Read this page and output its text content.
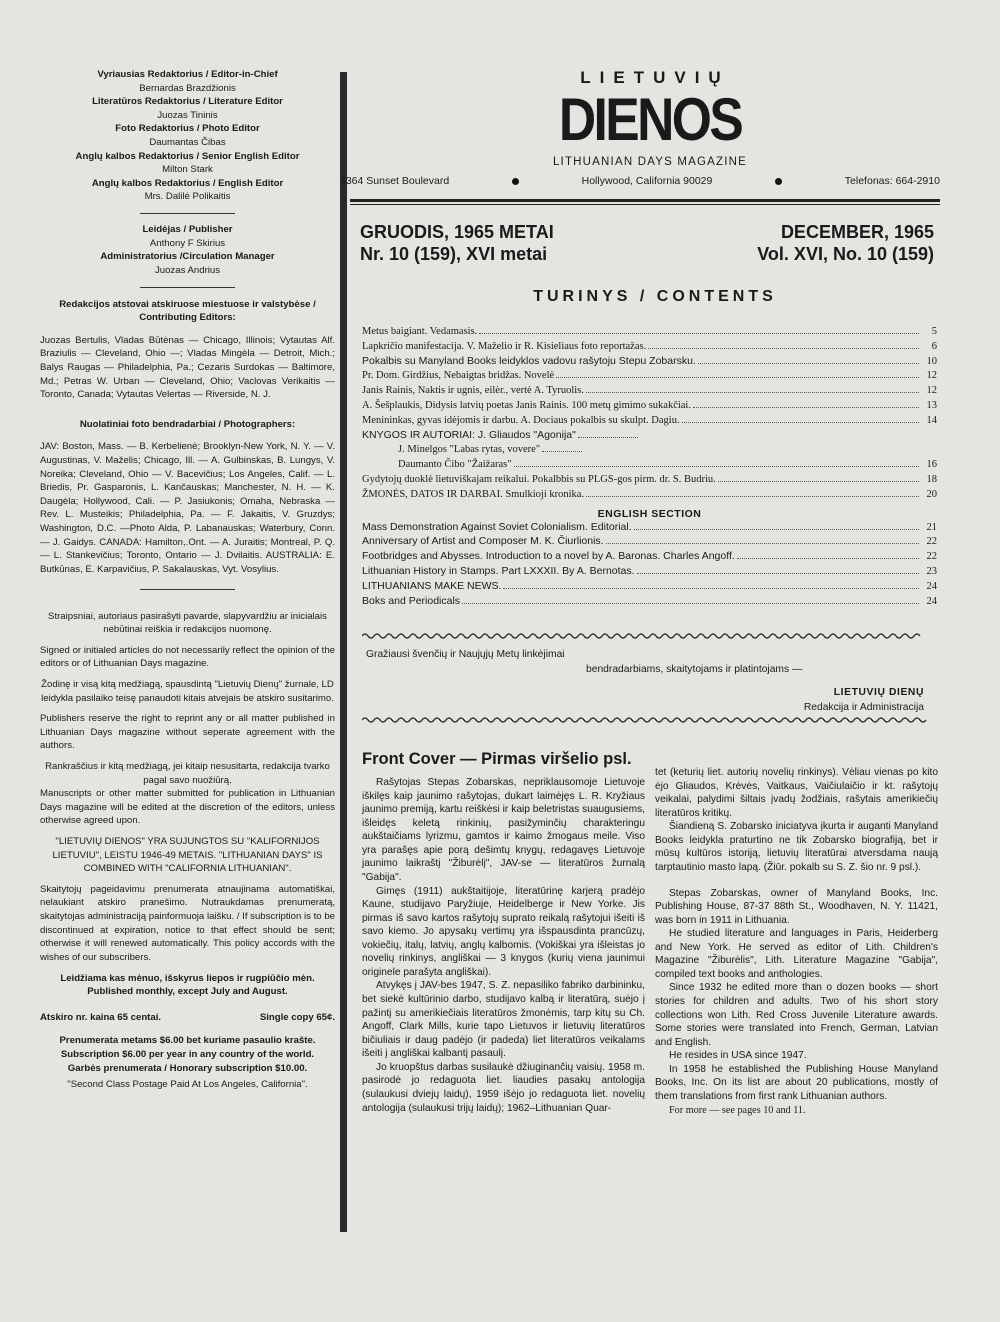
Vyriausias Redaktorius / Editor-in-Chief
Bernardas Brazdžionis
Literatūros Redaktorius / Literature Editor
Juozas Tininis
Foto Redaktorius / Photo Editor
Daumantas Čibas
Anglų kalbos Redaktorius / Senior English Editor
Milton Stark
Anglų kalbos Redaktorius / English Editor
Mrs. Dalilė Polikaitis
Leidėjas / Publisher
Anthony F Skirius
Administratorius /Circulation Manager
Juozas Andrius
Redakcijos atstovai atskiruose miestuose ir valstybėse / Contributing Editors:
Juozas Bertulis, Vladas Būtėnas — Chicago, Illinois; Vytautas Alf. Braziulis — Cleveland, Ohio —; Vladas Mingėla — Detroit, Mich.; Balys Raugas — Philadelphia, Pa.; Cezaris Surdokas — Baltimore, Md.; Petras W. Urban — Cleveland, Ohio; Vaclovas Verikaitis — Toronto, Canada; Vytautas Velertas — Riverside, N. J.
Nuolatiniai foto bendradarbiai / Photographers:
JAV: Boston, Mass. — B. Kerbelienė; Brooklyn-New York, N. Y. — V. Augustinas, V. Maželis; Chicago, Ill. — A. Gulbinskas, B. Lungys, V. Noreika; Cleveland, Ohio — V. Bacevičius; Los Angeles, Calif. — L. Briedis, Pr. Gasparonis, L. Kančauskas; Manchester, N. H. — K. Daugėla; Hollywood, Cali. — P. Jasiukonis; Omaha, Nebraska — Rev. L. Musteikis; Philadelphia, Pa. — F. Jakaitis, V. Gruzdys; Washington, D.C. —Photo Alda, P. Labanauskas; Waterbury, Conn. — J. Gaidys. CANADA: Hamilton,.Ont. — A. Juraitis; Montreal, P. Q. — L. Stankevičius; Toronto, Ontario — J. Dvilaitis. AUSTRALIA: E. Butkūnas, E. Karpavičius, P. Sakalauskas, Vyt. Vosylius.
Straipsniai, autoriaus pasirašyti pavarde, slapyvardžiu ar inicialais nebūtinai reiškia ir redakcijos nuomonę.
Signed or initialed articles do not necessarily reflect the opinion of the editors or of Lithuanian Days magazine.
Žodinę ir visą kitą medžiagą, spausdintą "Lietuvių Dienų" žurnale, LD leidykla pasilaiko teisę panaudoti kitais atvejais be atskiro susitarimo.
Publishers reserve the right to reprint any or all matter published in Lithuanian Days magazine without seperate agreement with the authors.
Rankraščius ir kitą medžiagą, jei kitaip nesusitarta, redakcija tvarko pagal savo nuožiūrą.
Manuscripts or other matter submitted for publication in Lithuanian Days magazine will be edited at the discretion of the editors, unless otherwise agreed upon.
"LIETUVIŲ DIENOS" YRA SUJUNGTOS SU "KALIFORNIJOS LIETUVIU", LEISTU 1946-49 METAIS. "LITHUANIAN DAYS" IS COMBINED WITH "CALIFORNIA LITHUANIAN".
Skaitytojų pageidavimu prenumerata atnaujinama automatiškai, nelaukiant atskiro pranešimo. Nutraukdamas prenumeratą, skaitytojas administraciją painformuoja laišku. / If subscription is to be discontinued at expiration, notice to that effect should be sent; otherwise it will renewed automatically. This policy accords with the wishes of our subscribers.
Leidžiama kas mėnuo, išskyrus liepos ir rugpiūčio mėn. Published monthly, except July and August.
Atskiro nr. kaina 65 centai.	Single copy 65¢.
Prenumerata metams $6.00 bet kuriame pasaulio krašte.
Subscription $6.00 per year in any country of the world.
Garbės prenumerata / Honorary subscription $10.00.
"Second Class Postage Paid At Los Angeles, California".
LIETUVIŲ
DIENOS
LITHUANIAN DAYS MAGAZINE
4364 Sunset Boulevard	Hollywood, California 90029	Telefonas: 664-2910
GRUODIS, 1965 METAI
Nr. 10 (159), XVI metai
DECEMBER, 1965
Vol. XVI, No. 10 (159)
TURINYS / CONTENTS
Metus baigiant. Vedamasis.	5
Lapkričio manifestacija. V. Maželio ir R. Kisieliaus foto reportažas.	6
Pokalbis su Manyland Books leidyklos vadovu rašytoju Stepu Zobarsku.	10
Pr. Dom. Girdžius, Nebaigtas bridžas. Novelė	12
Janis Rainis, Naktis ir ugnis, eilėr., vertė A. Tyruolis.	12
A. Šešplaukis, Didysis latvių poetas Janis Rainis. 100 metų gimimo sukakčiai.	13
Menininkas, gyvas idėjomis ir darbu. A. Dociaus pokalbis su skulpt. Dagiu.	14
KNYGOS IR AUTORIAI: J. Gliaudos "Agonija"
J. Minelgos "Labas rytas, vovere"
Daumanto Čibo "Žaižaras"	16
Gydytojų duoklė lietuviškajam reikalui. Pokalbbis su PLGS-gos pirm. dr. S. Budriu.	18
ŽMONĖS, DATOS IR DARBAI. Smulkioji kronika.	20
ENGLISH SECTION
Mass Demonstration Against Soviet Colonialism. Editorial.	21
Anniversary of Artist and Composer M. K. Čiurlionis.	22
Footbridges and Abysses. Introduction to a novel by A. Baronas. Charles Angoff.	22
Lithuanian History in Stamps. Part LXXXII. By A. Bernotas.	23
LITHUANIANS MAKE NEWS.	24
Boks and Periodicals	24
Gražiausi švenčių ir Naujųjų Metų linkėjimai
bendradarbiams, skaitytojams ir platintojams —
LIETUVIŲ DIENŲ
Redakcija ir Administracija
Front Cover — Pirmas viršelio psl.

Rašytojas Stepas Zobarskas, nepriklausomoje Lietuvoje iškilęs kaip jaunimo rašytojas, dukart laimėjęs L. R. Kryžiaus jaunimo premiją, kartu reiškėsi ir kaip beletristas suaugusiems, išleidęs keletą rinkinių, pasižyminčių charakteringu aukštaičiams lyrizmu, gamtos ir kaimo žmogaus meile. Viso yra parašęs apie porą dešimtų knygų, redagavęs Lietuvoje jaunimo laikraštį "Žiburėlį", JAV-se — literatūros žurnalą "Gabija".

Gimęs (1911) aukštaitijoje, literatūrinę karjerą pradėjo Kaune, studijavo Paryžiuje, Heidelberge ir New Yorke. Jis pirmas iš savo kartos rašytojų suprato reikalą rašytojui išeiti iš savo kiemo. Jo apysakų vertimų yra išspausdinta prancūzų, vokiečių, italų, latvių, anglų kalbomis. (Vokiškai yra išleistas jo novelių rinkinys, angliškai — 3 knygos (kurių viena jaunimui originele parašyta angliškai).

Atvykęs į JAV-bes 1947, S. Z. nepasiliko fabriko darbininku, bet siekė kultūrinio darbo, studijavo kalbą ir literatūrą, suėjo į pažintį su amerikiečiais literatūros žmonėmis, tarp kitų su Ch. Angoff, Clark Mills, kurie tapo Lietuvos ir lietuvių literatūros bičiuliais ir daug padėjo (ir padeda) liet literatūros veikalams išeiti į angliškai kalbantį pasaulį.

Jo kruopštus darbas susilaukė džiuginančių vaisių. 1958 m. pasirodė jo redaguota liet. liaudies pasakų antologija (sulaukusi dviejų laidų), 1959 išėjo jo redaguota liet. novelių antologija (sulaukusi trijų laidų); 1962–Lithuanian Quar-

tet (keturių liet. autorių novelių rinkinys). Vėliau vienas po kito ėjo Gliaudos, Krėvės, Vaitkaus, Vaičiulaičio ir kt. rašytojų veikalai, palydimi šiltais įvadų žodžiais, rašytais amerikiečių literatūros kritikų.

Šiandieną S. Zobarsko iniciatyva įkurta ir auganti Manyland Books leidykla praturtino ne tik Zobarsko biografiją, bet ir mūsų kultūros istoriją, lietuvių literatūrai atversdama naują tarptautinio masto lapą. (Žiūr. pokalb su S. Z. šio nr. 9 psl.).

Stepas Zobarskas, owner of Manyland Books, Inc. Publishing House, 87-37 88th St., Woodhaven, N. Y. 11421, was born in 1911 in Lithuania.

He studied literature and languages in Paris, Heiderberg and New York. He served as editor of Lith. Children's Magazine "Žiburėlis", Lith. Literature Magazine "Gabija", compiled text books and anthologies.

Since 1932 he edited more than o dozen books — short stories for children and adults. Two of his short story collections won Lith. Red Cross Juvenile Literature awards. Some stories were translated into French, German, Latvian and English.

He resides in USA since 1947.

In 1958 he established the Publishing House Manyland Books, Inc. On its list are about 20 publications, mostly of them translations from first rank Lithuanian authors.

For more — see pages 10 and 11.
